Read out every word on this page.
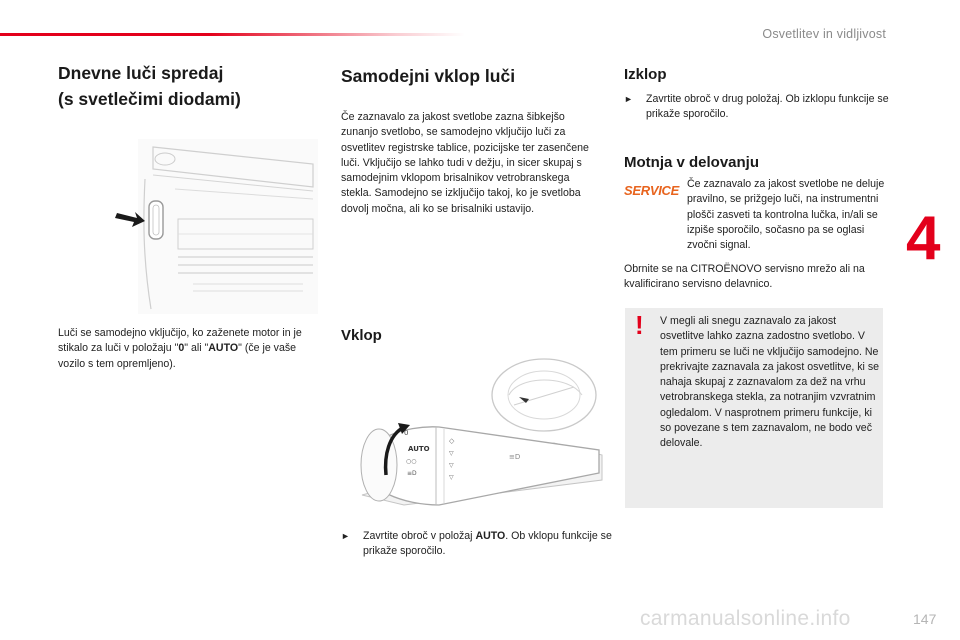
Osvetlitev in vidljivost
4
Dnevne luči spredaj
(s svetlečimi diodami)

Luči se samodejno vključijo, ko zaženete motor in je stikalo za luči v položaju "0" ali "AUTO" (če je vaše vozilo s tem opremljeno).

Samodejni vklop luči

Če zaznavalo za jakost svetlobe zazna šibkejšo zunanjo svetlobo, se samodejno vključijo luči za osvetlitev registrske tablice, pozicijske ter zasenčene luči. Vključijo se lahko tudi v dežju, in sicer skupaj s samodejnim vklopom brisalnikov vetrobranskega stekla. Samodejno se izključijo takoj, ko je svetloba dovolj močna, ali ko se brisalniki ustavijo.

Vklop
AUTO
0
○○
≡D
◇
▽
▽
▽
≡D
► Zavrtite obroč v položaj AUTO. Ob vklopu funkcije se prikaže sporočilo.
Izklop
► Zavrtite obroč v drug položaj. Ob izklopu funkcije se prikaže sporočilo.
Motnja v delovanju
SERVICE Če zaznavalo za jakost svetlobe ne deluje pravilno, se prižgejo luči, na instrumentni plošči zasveti ta kontrolna lučka, in/ali se izpiše sporočilo, sočasno pa se oglasi zvočni signal.

Obrnite se na CITROËNOVO servisno mrežo ali na kvalificirano servisno delavnico.

! V megli ali snegu zaznavalo za jakost osvetlitve lahko zazna zadostno svetlobo. V tem primeru se luči ne vključijo samodejno. Ne prekrivajte zaznavala za jakost osvetlitve, ki se nahaja skupaj z zaznavalom za dež na vrhu vetrobranskega stekla, za notranjim vzvratnim ogledalom. V nasprotnem primeru funkcije, ki so povezane s tem zaznavalom, ne bodo več delovale.

carmanualsonline.info	147
